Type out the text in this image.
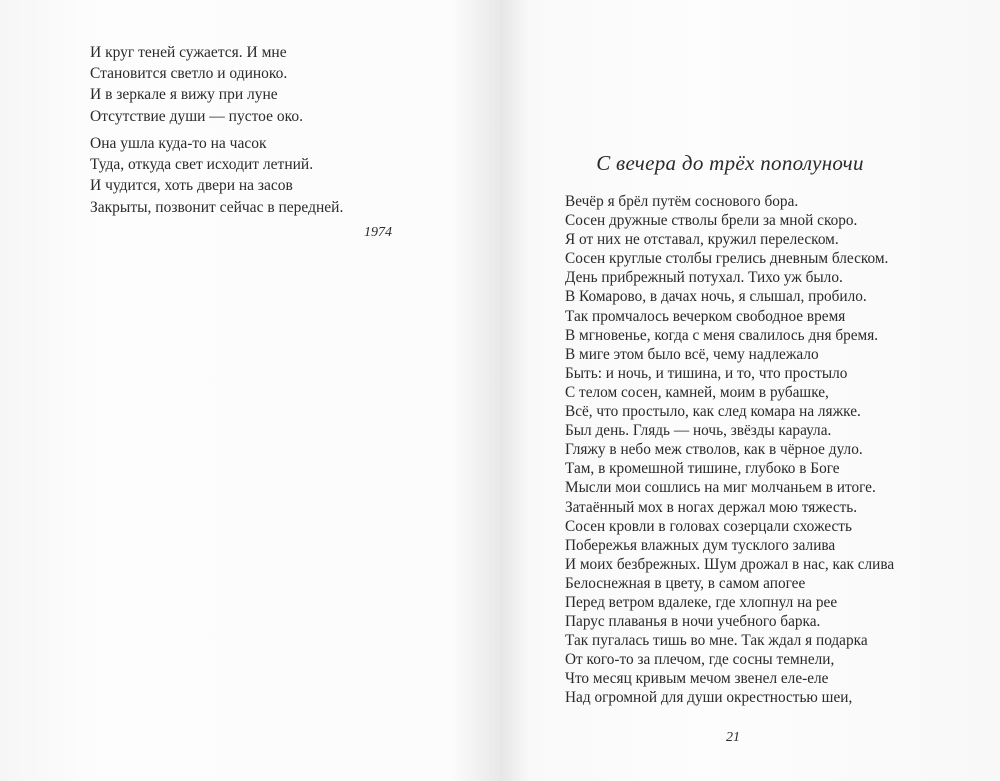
И круг теней сужается. И мне
Становится светло и одиноко.
И в зеркале я вижу при луне
Отсутствие души — пустое око.
Она ушла куда-то на часок
Туда, откуда свет исходит летний.
И чудится, хоть двери на засов
Закрыты, позвонит сейчас в передней.
1974
С вечера до трёх пополуночи
Вечёр я брёл путём соснового бора.
Сосен дружные стволы брели за мной скоро.
Я от них не отставал, кружил перелеском.
Сосен круглые столбы грелись дневным блеском.
День прибрежный потухал. Тихо уж было.
В Комарово, в дачах ночь, я слышал, пробило.
Так промчалось вечерком свободное время
В мгновенье, когда с меня свалилось дня бремя.
В миге этом было всё, чему надлежало
Быть: и ночь, и тишина, и то, что простыло
С телом сосен, камней, моим в рубашке,
Всё, что простыло, как след комара на ляжке.
Был день. Глядь — ночь, звёзды караула.
Гляжу в небо меж стволов, как в чёрное дуло.
Там, в кромешной тишине, глубоко в Боге
Мысли мои сошлись на миг молчаньем в итоге.
Затаённый мох в ногах держал мою тяжесть.
Сосен кровли в головах созерцали схожесть
Побережья влажных дум тусклого залива
И моих безбрежных. Шум дрожал в нас, как слива
Белоснежная в цвету, в самом апогее
Перед ветром вдалеке, где хлопнул на рее
Парус плаванья в ночи учебного барка.
Так пугалась тишь во мне. Так ждал я подарка
От кого-то за плечом, где сосны темнели,
Что месяц кривым мечом звенел еле-еле
Над огромной для души окрестностью шеи,
21
